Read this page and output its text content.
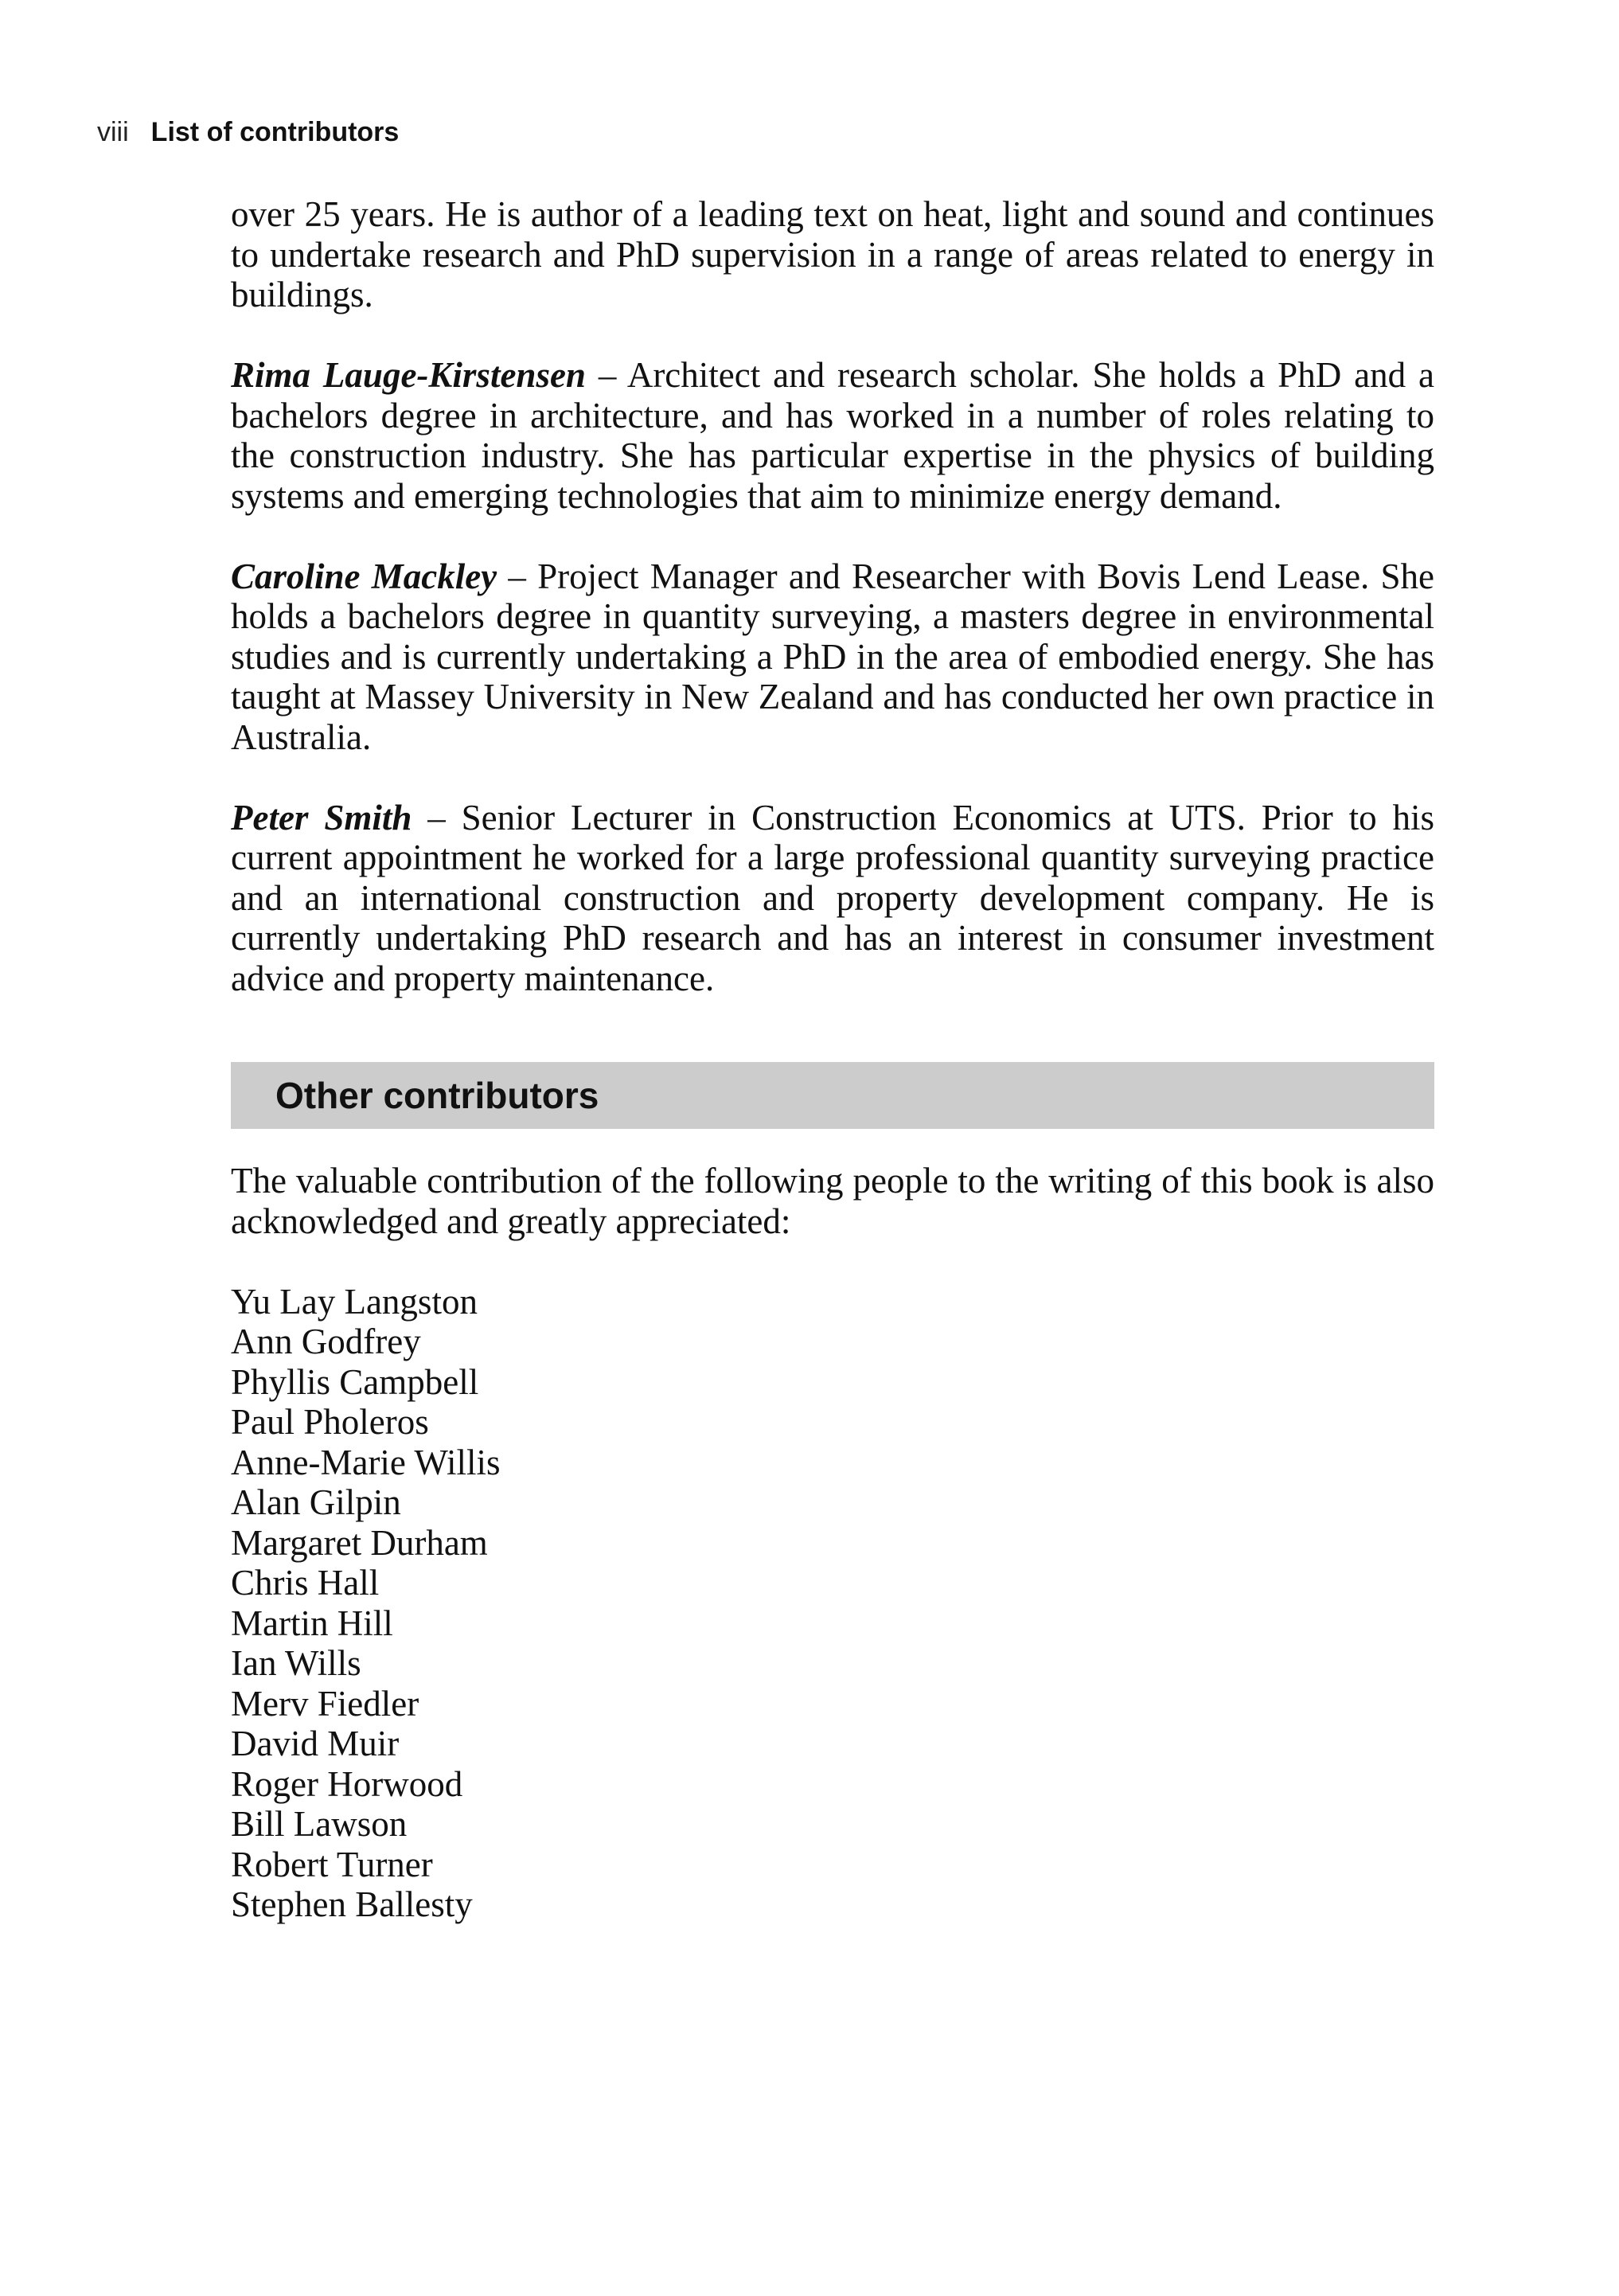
viii List of contributors

over 25 years. He is author of a leading text on heat, light and sound and continues to undertake research and PhD supervision in a range of areas related to energy in buildings.

Rima Lauge-Kirstensen – Architect and research scholar. She holds a PhD and a bachelors degree in architecture, and has worked in a number of roles relating to the construction industry. She has particular expertise in the physics of building systems and emerging technologies that aim to minimize energy demand.

Caroline Mackley – Project Manager and Researcher with Bovis Lend Lease. She holds a bachelors degree in quantity surveying, a masters degree in environmental studies and is currently undertaking a PhD in the area of embodied energy. She has taught at Massey University in New Zealand and has conducted her own practice in Australia.

Peter Smith – Senior Lecturer in Construction Economics at UTS. Prior to his current appointment he worked for a large professional quantity surveying practice and an international construction and property development company. He is currently undertaking PhD research and has an interest in consumer investment advice and property maintenance.

Other contributors

The valuable contribution of the following people to the writing of this book is also acknowledged and greatly appreciated:

Yu Lay Langston
Ann Godfrey
Phyllis Campbell
Paul Pholeros
Anne-Marie Willis
Alan Gilpin
Margaret Durham
Chris Hall
Martin Hill
Ian Wills
Merv Fiedler
David Muir
Roger Horwood
Bill Lawson
Robert Turner
Stephen Ballesty
